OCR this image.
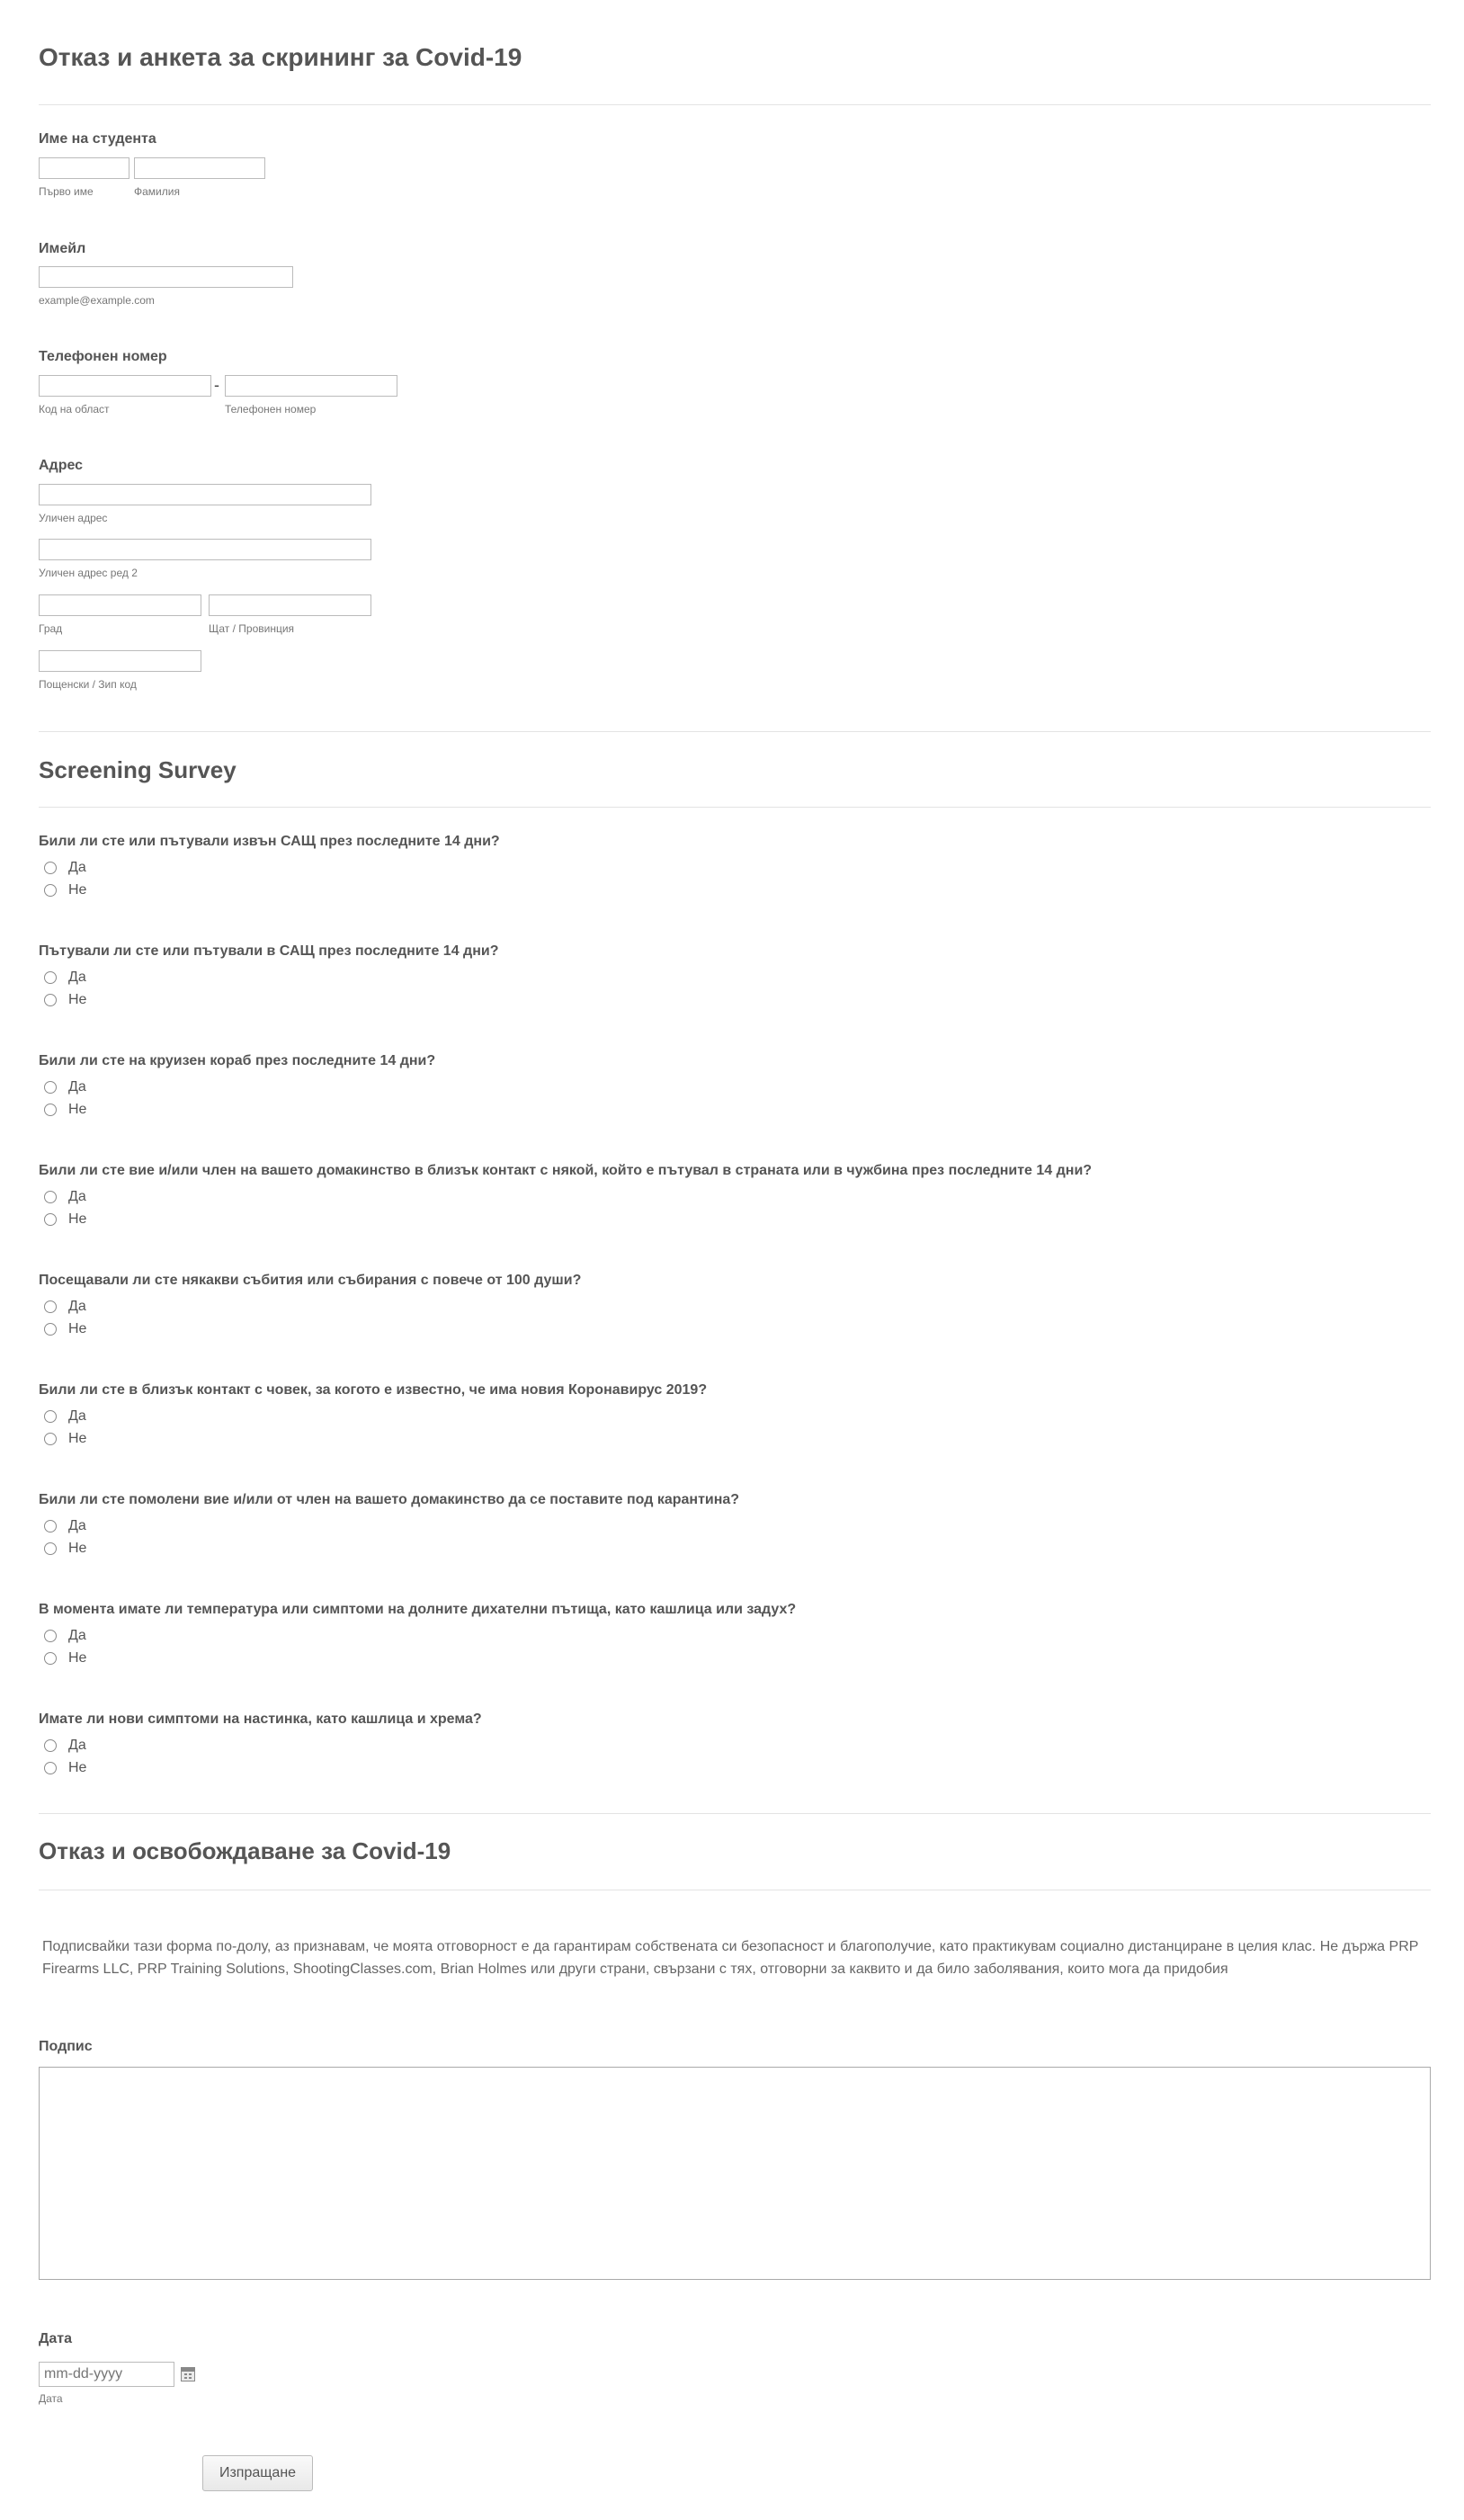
Отказ и анкета за скрининг за Covid-19
Име на студента
Първо име	Фамилия
Имейл
example@example.com
Телефонен номер
-
Код на област	Телефонен номер
Адрес
Уличен адрес
Уличен адрес ред 2
Град	Щат / Провинция
Пощенски / Зип код
Screening Survey
Били ли сте или пътували извън САЩ през последните 14 дни?
Да
Не
Пътували ли сте или пътували в САЩ през последните 14 дни?
Да
Не
Били ли сте на круизен кораб през последните 14 дни?
Да
Не
Били ли сте вие и/или член на вашето домакинство в близък контакт с някой, който е пътувал в страната или в чужбина през последните 14 дни?
Да
Не
Посещавали ли сте някакви събития или събирания с повече от 100 души?
Да
Не
Били ли сте в близък контакт с човек, за когото е известно, че има новия Коронавирус 2019?
Да
Не
Били ли сте помолени вие и/или от член на вашето домакинство да се поставите под карантина?
Да
Не
В момента имате ли температура или симптоми на долните дихателни пътища, като кашлица или задух?
Да
Не
Имате ли нови симптоми на настинка, като кашлица и хрема?
Да
Не
Отказ и освобождаване за Covid-19

Подписвайки тази форма по-долу, аз признавам, че моята отговорност е да гарантирам собствената си безопасност и благополучие, като практикувам социално дистанциране в целия клас. Не държа PRP Firearms LLC, PRP Training Solutions, ShootingClasses.com, Brian Holmes или други страни, свързани с тях, отговорни за каквито и да било заболявания, които мога да придобия

Подпис
Дата
mm-dd-yyyy
Дата
Изпращане
